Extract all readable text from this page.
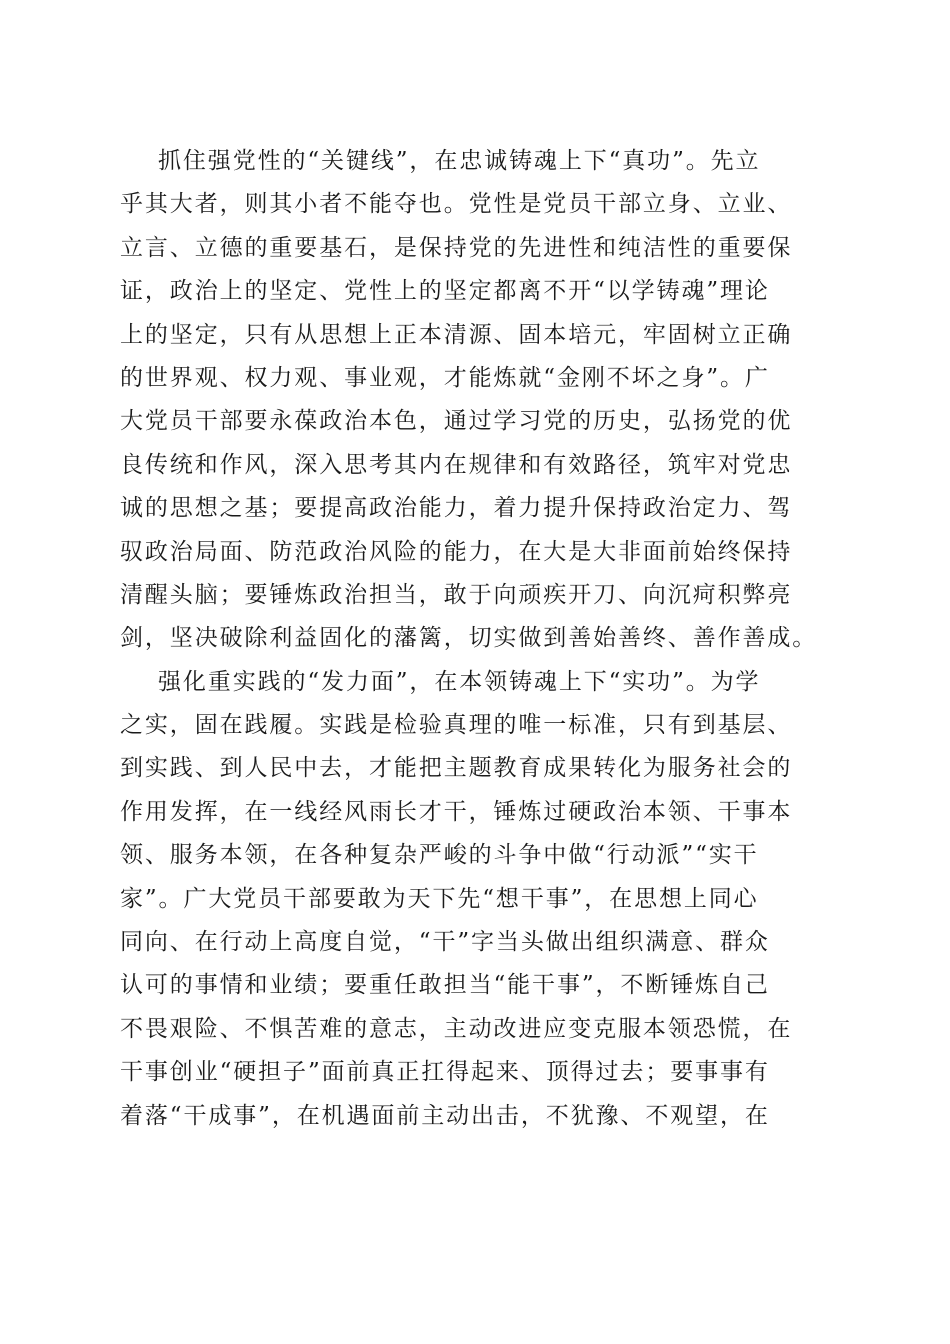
抓住强党性的“关键线”，在忠诚铸魂上下“真功”。先立
乎其大者，则其小者不能夺也。党性是党员干部立身、立业、
立言、立德的重要基石，是保持党的先进性和纯洁性的重要保
证，政治上的坚定、党性上的坚定都离不开“以学铸魂”理论
上的坚定，只有从思想上正本清源、固本培元，牢固树立正确
的世界观、权力观、事业观，才能炼就“金刚不坏之身”。广
大党员干部要永葆政治本色，通过学习党的历史，弘扬党的优
良传统和作风，深入思考其内在规律和有效路径，筑牢对党忠
诚的思想之基；要提高政治能力，着力提升保持政治定力、驾
驭政治局面、防范政治风险的能力，在大是大非面前始终保持
清醒头脑；要锤炼政治担当，敢于向顽疾开刀、向沉疴积弊亮
剑，坚决破除利益固化的藩篱，切实做到善始善终、善作善成。
强化重实践的“发力面”，在本领铸魂上下“实功”。为学
之实，固在践履。实践是检验真理的唯一标准，只有到基层、
到实践、到人民中去，才能把主题教育成果转化为服务社会的
作用发挥，在一线经风雨长才干，锤炼过硬政治本领、干事本
领、服务本领，在各种复杂严峻的斗争中做“行动派”“实干
家”。广大党员干部要敢为天下先“想干事”，在思想上同心
同向、在行动上高度自觉，“干”字当头做出组织满意、群众
认可的事情和业绩；要重任敢担当“能干事”，不断锤炼自己
不畏艰险、不惧苦难的意志，主动改进应变克服本领恐慌，在
干事创业“硬担子”面前真正扛得起来、顶得过去；要事事有
着落“干成事”，在机遇面前主动出击，不犹豫、不观望，在
